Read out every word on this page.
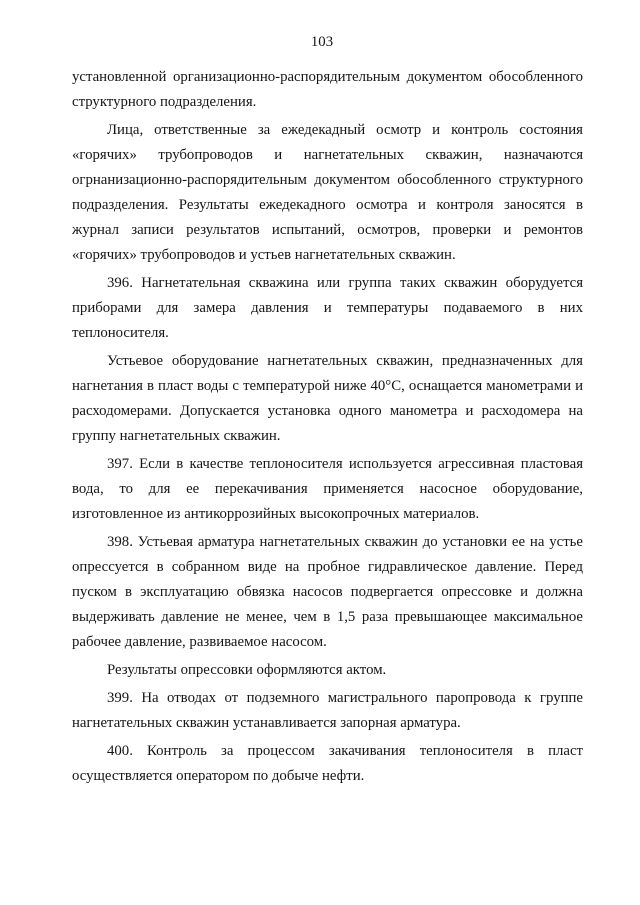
103
установленной организационно-распорядительным документом обособленного
структурного подразделения.
Лица, ответственные за ежедекадный осмотр и контроль состояния
«горячих» трубопроводов и нагнетательных скважин, назначаются
огрнанизационно-распорядительным документом обособленного структурного
подразделения. Результаты ежедекадного осмотра и контроля заносятся в
журнал записи результатов испытаний, осмотров, проверки и ремонтов
«горячих» трубопроводов и устьев нагнетательных скважин.
396. Нагнетательная скважина или группа таких скважин оборудуется
приборами для замера давления и температуры подаваемого в них
теплоносителя.
Устьевое оборудование нагнетательных скважин, предназначенных для
нагнетания в пласт воды с температурой ниже 40°С, оснащается манометрами и
расходомерами. Допускается установка одного манометра и расходомера на
группу нагнетательных скважин.
397. Если в качестве теплоносителя используется агрессивная пластовая
вода, то для ее перекачивания применяется насосное оборудование,
изготовленное из антикоррозийных высокопрочных материалов.
398. Устьевая арматура нагнетательных скважин до установки ее на устье
опрессуется в собранном виде на пробное гидравлическое давление. Перед
пуском в эксплуатацию обвязка насосов подвергается опрессовке и должна
выдерживать давление не менее, чем в 1,5 раза превышающее максимальное
рабочее давление, развиваемое насосом.
Результаты опрессовки оформляются актом.
399. На отводах от подземного магистрального паропровода к группе
нагнетательных скважин устанавливается запорная арматура.
400. Контроль за процессом закачивания теплоносителя в пласт
осуществляется оператором по добыче нефти.
